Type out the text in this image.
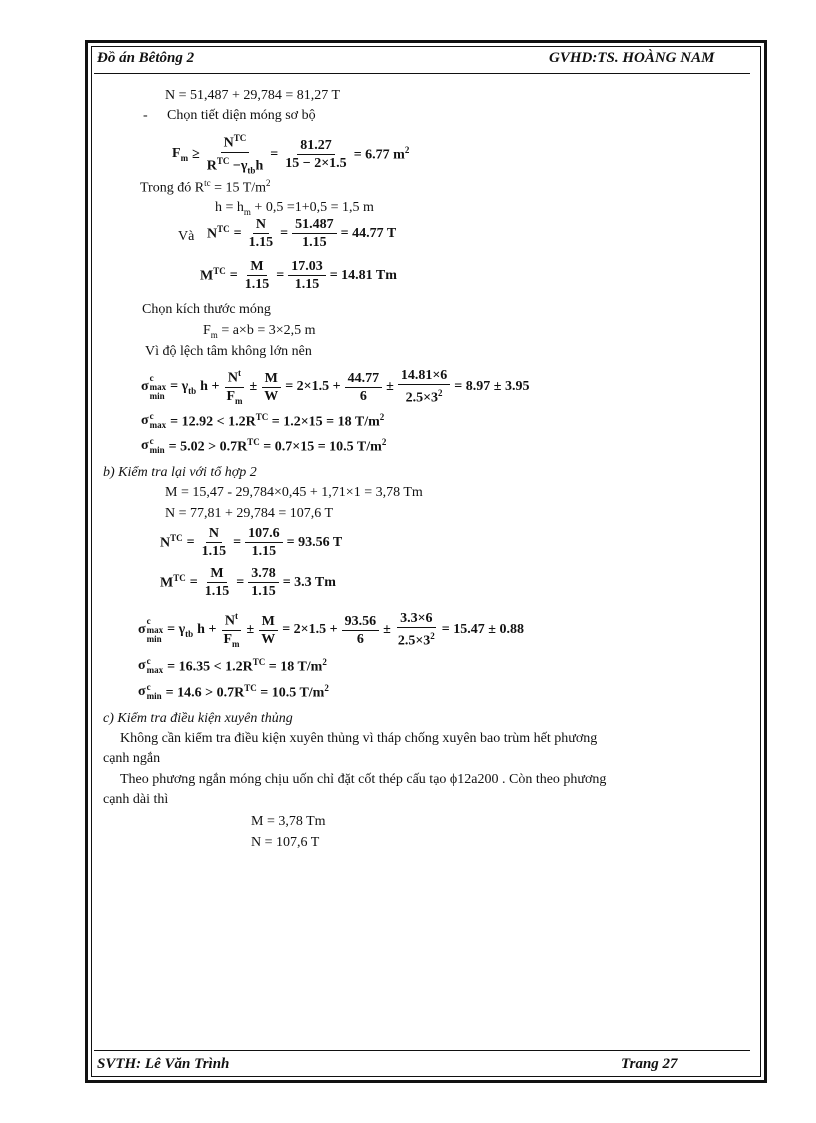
Đồ án Bêtông 2	GVHD:TS. HOÀNG NAM
N = 51,487 + 29,784 = 81,27 T
- Chọn tiết diện móng sơ bộ
$F_m \ge \frac{N^{TC}}{R^{TC} -\gamma_{tb}h} = \frac{81.27}{15 - 2\times 1.5} = 6.77$ $m^2$
Trong đó $R^{tc} = 15$ $T/m^2$
$h = h_m + 0,5 =1+0,5 = 1,5$ m
Và $N^{TC} = \frac{N}{1.15} = \frac{51.487}{1.15} = 44.77$ T
$M^{TC} = \frac{M}{1.15} = \frac{17.03}{1.15} = 14.81$ Tm
Chọn kích thước móng
$F_m = a\times b = 3\times 2,5$ m
Vì độ lệch tâm không lớn nên
σ
c
max
min
= $\gamma_{tb}$ $h + \frac{N^t}{F_m} \pm \frac{M}{W} = 2\times 1.5 + \frac{44.77}{6} \pm \frac{14.81\times 6}{2.5\times 3^2} = 8.97 \pm 3.95$
σ c
$\max = 12.92 < 1.2R^{TC} = 1.2\times 15 = 18$ $T/m^2$
σ c
$\min = 5.02 > 0.7R^{TC} = 0.7\times 15 = 10.5$ $T/m^2$
b) Kiểm tra lại với tổ hợp 2
M = 15,47 - 29,784×0,45 + 1,71×1 = 3,78 Tm
N = 77,81 + 29,784 = 107,6 T
$N^{TC} = \frac{N}{1.15} = \frac{107.6}{1.15} = 93.56$ T
$M^{TC} = \frac{M}{1.15} = \frac{3.78}{1.15} = 3.3$ Tm
σ
c
max
min
= $\gamma_{tb}$ $h + \frac{N^t}{F_m} \pm \frac{M}{W} = 2\times 1.5 + \frac{93.56}{6} \pm \frac{3.3\times 6}{2.5\times 3^2} = 15.47 \pm 0.88$
σ c
$\max = 16.35 < 1.2R^{TC} = 18$ $T/m^2$
σ c
$\min = 14.6 > 0.7R^{TC} = 10.5$ $T/m^2$
c) Kiểm tra điều kiện xuyên thủng
Không cần kiểm tra điều kiện xuyên thủng vì tháp chống xuyên bao trùm hết phương
cạnh ngắn
Theo phương ngắn móng chịu uốn chỉ đặt cốt thép cấu tạo ϕ12a200 . Còn theo phương
cạnh dài thì
M = 3,78 Tm
N = 107,6 T
SVTH: Lê Văn Trình	Trang 27
